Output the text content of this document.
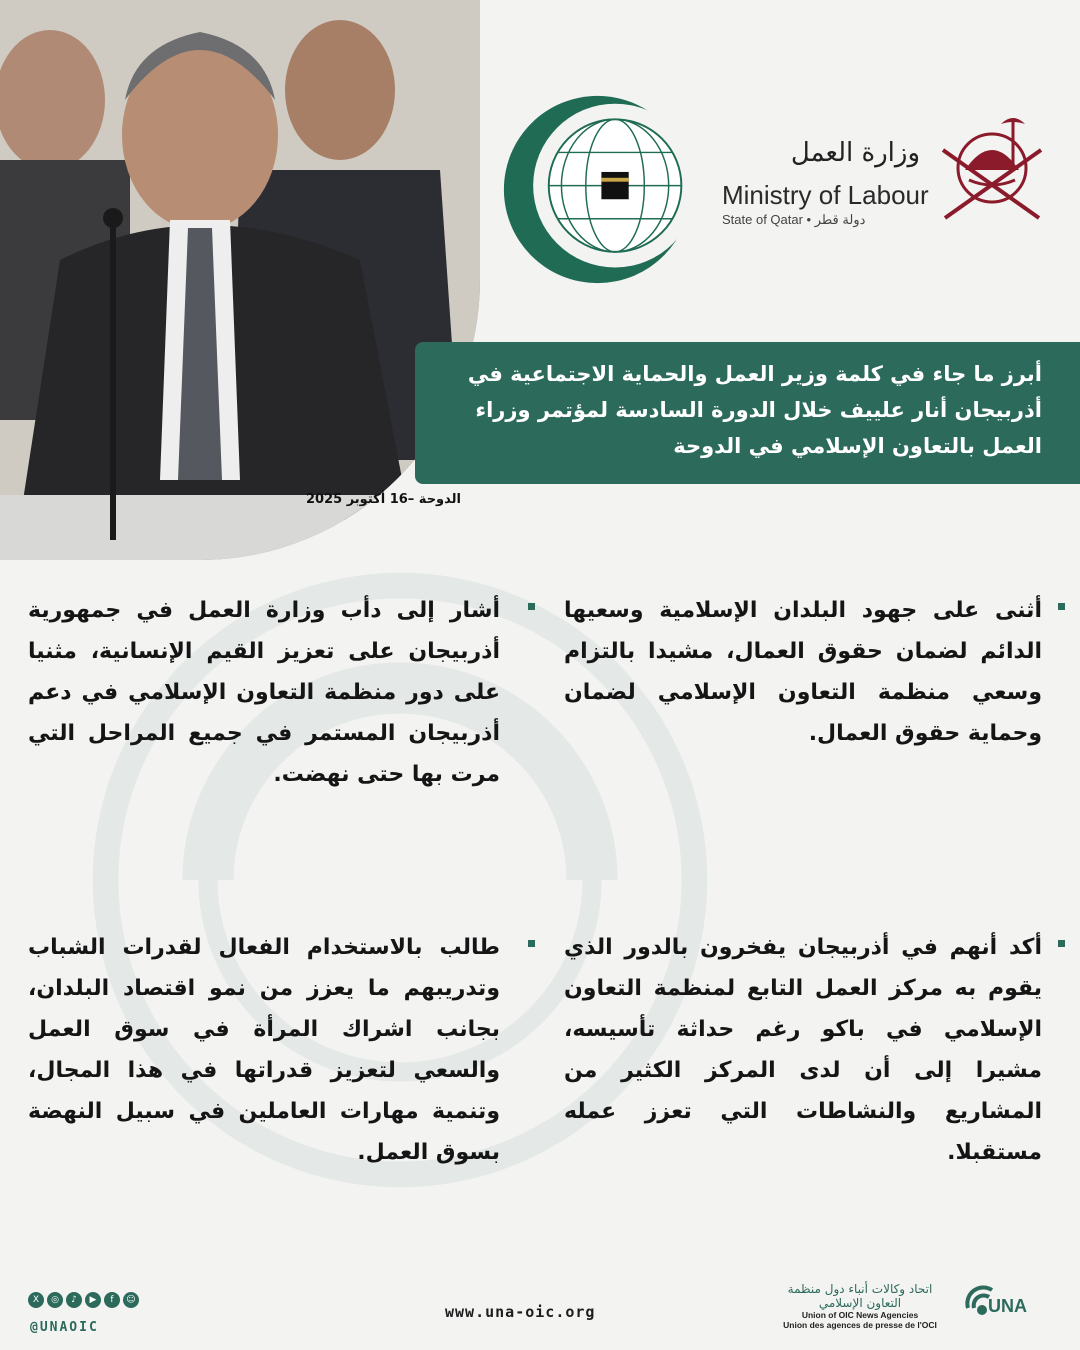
وزارة العمل
Ministry of Labour
State of Qatar • دولة قطر
أبرز ما جاء في كلمة وزير العمل والحماية الاجتماعية في أذربيجان أنار علييف خلال الدورة السادسة لمؤتمر وزراء العمل بالتعاون الإسلامي في الدوحة
الدوحة –16 أكتوبر 2025
أثنى على جهود البلدان الإسلامية وسعيها الدائم لضمان حقوق العمال، مشيدا بالتزام وسعي منظمة التعاون الإسلامي لضمان وحماية حقوق العمال.
أشار إلى دأب وزارة العمل في جمهورية أذربيجان على تعزيز القيم الإنسانية، مثنيا على دور منظمة التعاون الإسلامي في دعم أذربيجان المستمر في جميع المراحل التي مرت بها حتى نهضت.
أكد أنهم في أذربيجان يفخرون بالدور الذي يقوم به مركز العمل التابع لمنظمة التعاون الإسلامي في باكو رغم حداثة تأسيسه، مشيرا إلى أن لدى المركز الكثير من المشاريع والنشاطات التي تعزز عمله مستقبلا.
طالب بالاستخدام الفعال لقدرات الشباب وتدريبهم ما يعزز من نمو اقتصاد البلدان، بجانب اشراك المرأة في سوق العمل والسعي لتعزيز قدراتها في هذا المجال، وتنمية مهارات العاملين في سبيل النهضة بسوق العمل.
X	◎	♪	▶	f	☺
@UNAOIC
www.una-oic.org
اتحاد وكالات أنباء دول منظمة التعاون الإسلامي
Union of OIC News Agencies
Union des agences de presse de l'OCI
UNA
